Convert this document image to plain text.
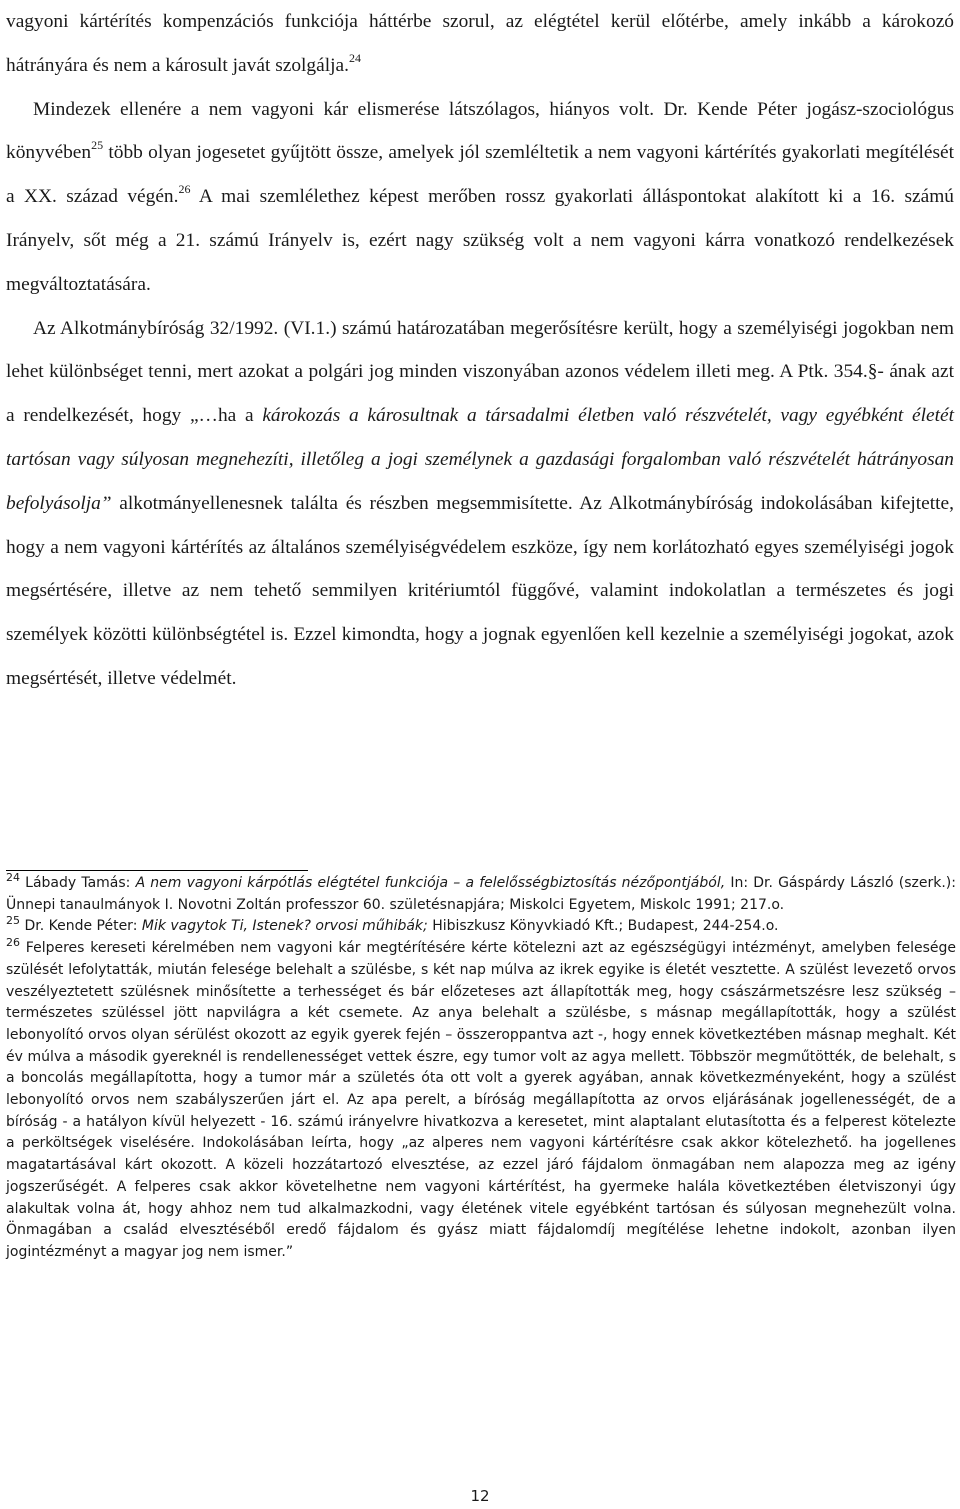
vagyoni kártérítés kompenzációs funkciója háttérbe szorul, az elégtétel kerül előtérbe, amely inkább a károkozó hátrányára és nem a károsult javát szolgálja.$^{24}$

Mindezek ellenére a nem vagyoni kár elismerése látszólagos, hiányos volt. Dr. Kende Péter jogász-szociológus könyvében$^{25}$ több olyan jogesetet gyűjtött össze, amelyek jól szemléltetik a nem vagyoni kártérítés gyakorlati megítélését a XX. század végén.$^{26}$ A mai szemlélethez képest merőben rossz gyakorlati álláspontokat alakított ki a 16. számú Irányelv, sőt még a 21. számú Irányelv is, ezért nagy szükség volt a nem vagyoni kárra vonatkozó rendelkezések megváltoztatására.

Az Alkotmánybíróság 32/1992. (VI.1.) számú határozatában megerősítésre került, hogy a személyiségi jogokban nem lehet különbséget tenni, mert azokat a polgári jog minden viszonyában azonos védelem illeti meg. A Ptk. 354.§- ának azt a rendelkezését, hogy „…ha a károkozás a károsultnak a társadalmi életben való részvételét, vagy egyébként életét tartósan vagy súlyosan megnehezíti, illetőleg a jogi személynek a gazdasági forgalomban való részvételét hátrányosan befolyásolja” alkotmányellenesnek találta és részben megsemmisítette. Az Alkotmánybíróság indokolásában kifejtette, hogy a nem vagyoni kártérítés az általános személyiségvédelem eszköze, így nem korlátozható egyes személyiségi jogok megsértésére, illetve az nem tehető semmilyen kritériumtól függővé, valamint indokolatlan a természetes és jogi személyek közötti különbségtétel is. Ezzel kimondta, hogy a jognak egyenlően kell kezelnie a személyiségi jogokat, azok megsértését, illetve védelmét.

$^{24}$ Lábady Tamás: A nem vagyoni kárpótlás elégtétel funkciója – a felelősségbiztosítás nézőpontjából, In: Dr. Gáspárdy László (szerk.): Ünnepi tanaulmányok I. Novotni Zoltán professzor 60. születésnapjára; Miskolci Egyetem, Miskolc 1991; 217.o.

$^{25}$ Dr. Kende Péter: Mik vagytok Ti, Istenek? orvosi műhibák; Hibiszkusz Könyvkiadó Kft.; Budapest, 244-254.o.

$^{26}$ Felperes kereseti kérelmében nem vagyoni kár megtérítésére kérte kötelezni azt az egészségügyi intézményt, amelyben felesége szülését lefolytatták, miután felesége belehalt a szülésbe, s két nap múlva az ikrek egyike is életét vesztette. A szülést levezető orvos veszélyeztetett szülésnek minősítette a terhességet és bár előzeteses azt állapították meg, hogy császármetszésre lesz szükség – természetes szüléssel jött napvilágra a két csemete. Az anya belehalt a szülésbe, s másnap megállapították, hogy a szülést lebonyolító orvos olyan sérülést okozott az egyik gyerek fején – összeroppantva azt -, hogy ennek következtében másnap meghalt. Két év múlva a második gyereknél is rendellenességet vettek észre, egy tumor volt az agya mellett. Többször megműtötték, de belehalt, s a boncolás megállapította, hogy a tumor már a születés óta ott volt a gyerek agyában, annak következményeként, hogy a szülést lebonyolító orvos nem szabályszerűen járt el. Az apa perelt, a bíróság megállapította az orvos eljárásának jogellenességét, de a bíróság - a hatályon kívül helyezett - 16. számú irányelvre hivatkozva a keresetet, mint alaptalant elutasította és a felperest kötelezte a perköltségek viselésére. Indokolásában leírta, hogy „az alperes nem vagyoni kártérítésre csak akkor kötelezhető. ha jogellenes magatartásával kárt okozott. A közeli hozzátartozó elvesztése, az ezzel járó fájdalom önmagában nem alapozza meg az igény jogszerűségét. A felperes csak akkor követelhetne nem vagyoni kártérítést, ha gyermeke halála következtében életviszonyi úgy alakultak volna át, hogy ahhoz nem tud alkalmazkodni, vagy életének vitele egyébként tartósan és súlyosan megnehezült volna. Önmagában a család elvesztéséből eredő fájdalom és gyász miatt fájdalomdíj megítélése lehetne indokolt, azonban ilyen jogintézményt a magyar jog nem ismer.”

12
